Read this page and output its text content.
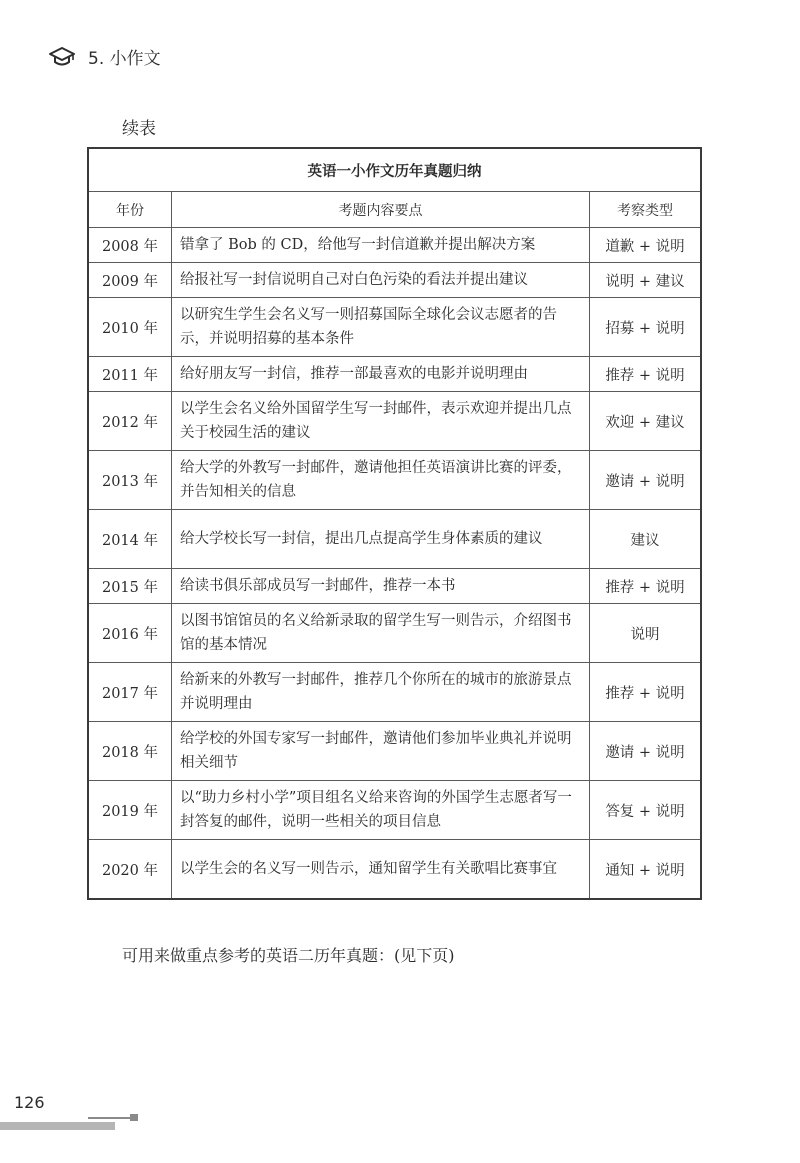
5. 小作文
续表
英语一小作文历年真题归纳		
年份	考题内容要点	考察类型
2008 年	错拿了 Bob 的 CD，给他写一封信道歉并提出解决方案	道歉 + 说明
2009 年	给报社写一封信说明自己对白色污染的看法并提出建议	说明 + 建议
2010 年	以研究生学生会名义写一则招募国际全球化会议志愿者的告示，并说明招募的基本条件	招募 + 说明
2011 年	给好朋友写一封信，推荐一部最喜欢的电影并说明理由	推荐 + 说明
2012 年	以学生会名义给外国留学生写一封邮件，表示欢迎并提出几点关于校园生活的建议	欢迎 + 建议
2013 年	给大学的外教写一封邮件，邀请他担任英语演讲比赛的评委，并告知相关的信息	邀请 + 说明
2014 年	给大学校长写一封信，提出几点提高学生身体素质的建议	建议
2015 年	给读书俱乐部成员写一封邮件，推荐一本书	推荐 + 说明
2016 年	以图书馆馆员的名义给新录取的留学生写一则告示，介绍图书馆的基本情况	说明
2017 年	给新来的外教写一封邮件，推荐几个你所在的城市的旅游景点并说明理由	推荐 + 说明
2018 年	给学校的外国专家写一封邮件，邀请他们参加毕业典礼并说明相关细节	邀请 + 说明
2019 年	以“助力乡村小学”项目组名义给来咨询的外国学生志愿者写一封答复的邮件，说明一些相关的项目信息	答复 + 说明
2020 年	以学生会的名义写一则告示，通知留学生有关歌唱比赛事宜	通知 + 说明
可用来做重点参考的英语二历年真题：(见下页)
126
